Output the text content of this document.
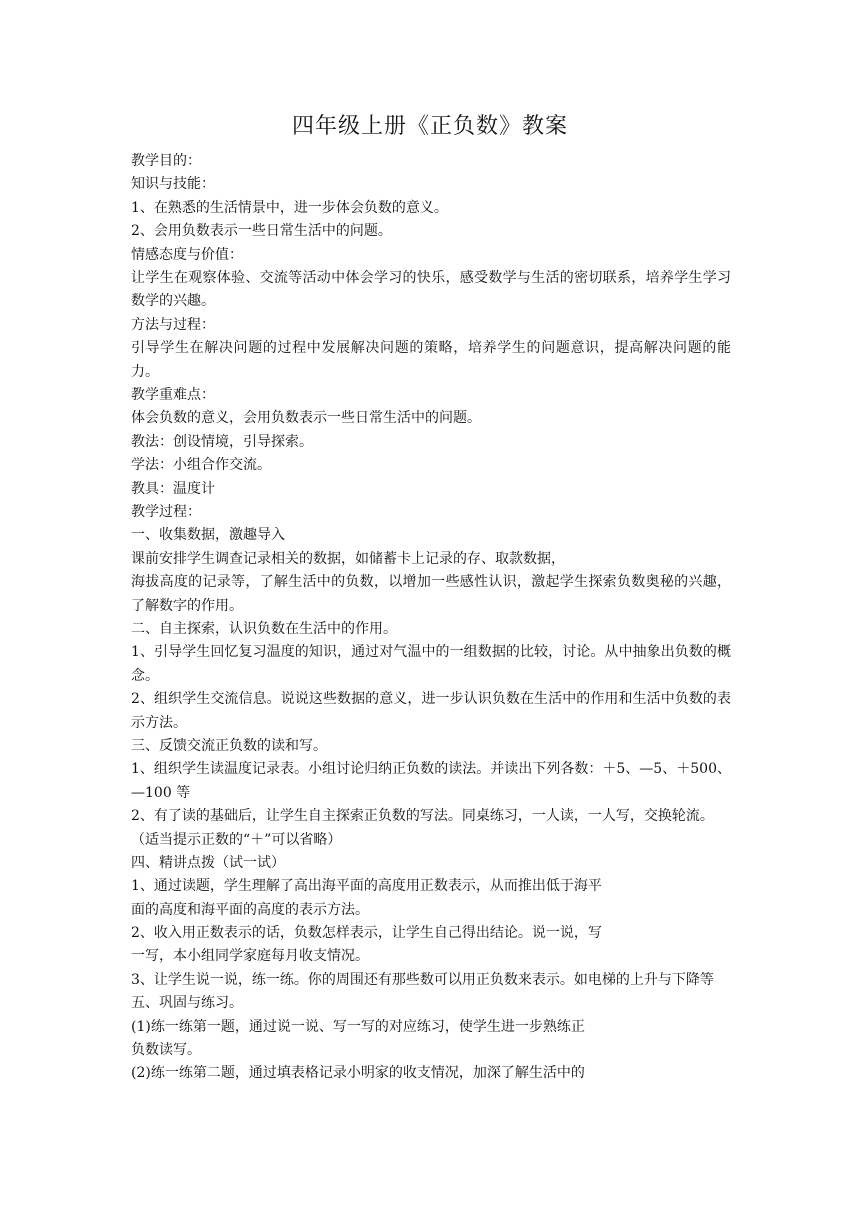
四年级上册《正负数》教案
教学目的：
知识与技能：
1、在熟悉的生活情景中，进一步体会负数的意义。
2、会用负数表示一些日常生活中的问题。
情感态度与价值：
让学生在观察体验、交流等活动中体会学习的快乐，感受数学与生活的密切联系，培养学生学习数学的兴趣。
方法与过程：
引导学生在解决问题的过程中发展解决问题的策略，培养学生的问题意识，提高解决问题的能力。
教学重难点：
体会负数的意义，会用负数表示一些日常生活中的问题。
教法：创设情境，引导探索。
学法：小组合作交流。
教具：温度计
教学过程：
一、收集数据，激趣导入
课前安排学生调查记录相关的数据，如储蓄卡上记录的存、取款数据，
海拔高度的记录等，了解生活中的负数，以增加一些感性认识，激起学生探索负数奥秘的兴趣，了解数字的作用。
二、自主探索，认识负数在生活中的作用。
1、引导学生回忆复习温度的知识，通过对气温中的一组数据的比较，讨论。从中抽象出负数的概念。
2、组织学生交流信息。说说这些数据的意义，进一步认识负数在生活中的作用和生活中负数的表示方法。
三、反馈交流正负数的读和写。
1、组织学生读温度记录表。小组讨论归纳正负数的读法。并读出下列各数：＋5、—5、＋500、—100 等
2、有了读的基础后，让学生自主探索正负数的写法。同桌练习，一人读，一人写，交换轮流。
（适当提示正数的“＋”可以省略）
四、精讲点拨（试一试）
1、通过读题，学生理解了高出海平面的高度用正数表示，从而推出低于海平
面的高度和海平面的高度的表示方法。
2、收入用正数表示的话，负数怎样表示，让学生自己得出结论。说一说，写
一写，本小组同学家庭每月收支情况。
3、让学生说一说，练一练。你的周围还有那些数可以用正负数来表示。如电梯的上升与下降等
五、巩固与练习。
(1)练一练第一题，通过说一说、写一写的对应练习，使学生进一步熟练正
负数读写。
(2)练一练第二题，通过填表格记录小明家的收支情况，加深了解生活中的
